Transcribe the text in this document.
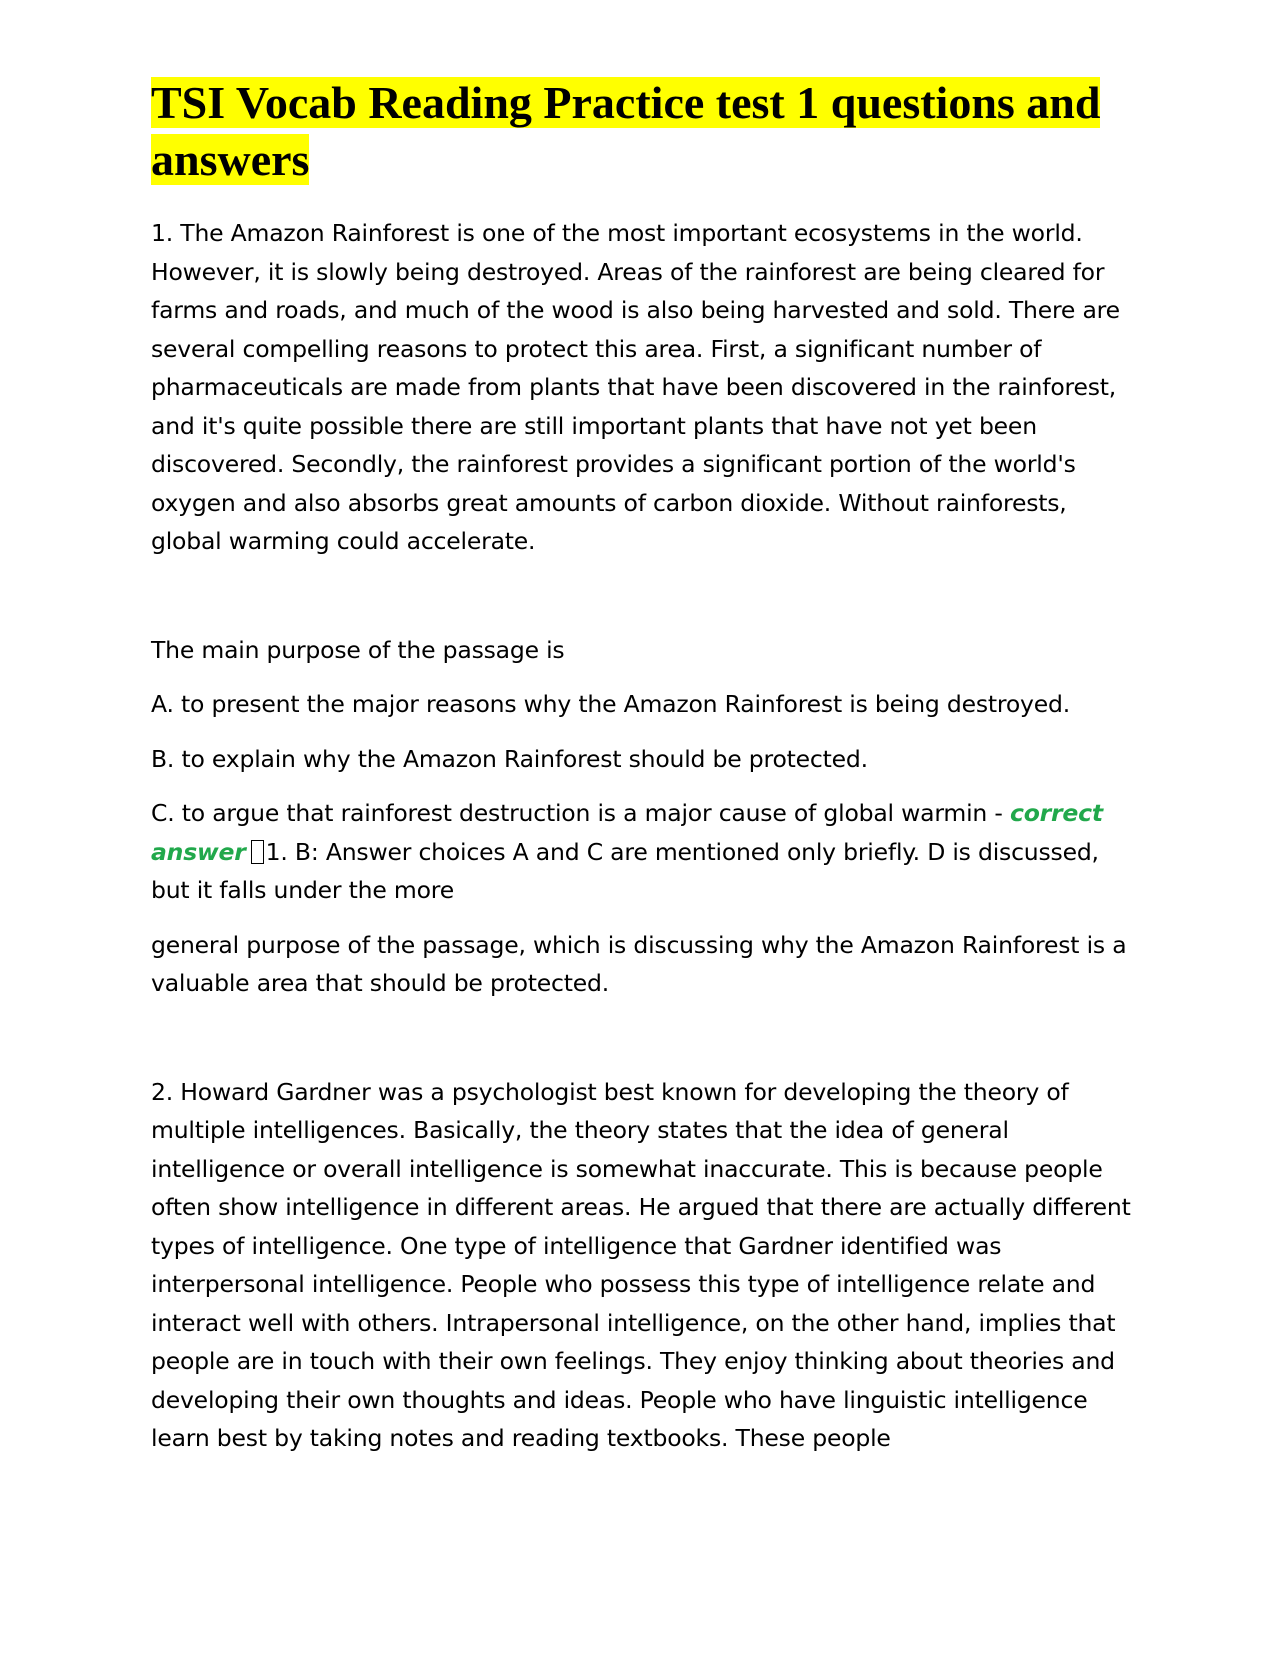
TSI Vocab Reading Practice test 1 questions and answers

1. The Amazon Rainforest is one of the most important ecosystems in the world. However, it is slowly being destroyed. Areas of the rainforest are being cleared for farms and roads, and much of the wood is also being harvested and sold. There are several compelling reasons to protect this area. First, a significant number of pharmaceuticals are made from plants that have been discovered in the rainforest, and it's quite possible there are still important plants that have not yet been discovered. Secondly, the rainforest provides a significant portion of the world's oxygen and also absorbs great amounts of carbon dioxide. Without rainforests, global warming could accelerate.

The main purpose of the passage is

A. to present the major reasons why the Amazon Rainforest is being destroyed.

B. to explain why the Amazon Rainforest should be protected.

C. to argue that rainforest destruction is a major cause of global warmin - correct answer 1. B: Answer choices A and C are mentioned only briefly. D is discussed, but it falls under the more

general purpose of the passage, which is discussing why the Amazon Rainforest is a valuable area that should be protected.

2. Howard Gardner was a psychologist best known for developing the theory of multiple intelligences. Basically, the theory states that the idea of general intelligence or overall intelligence is somewhat inaccurate. This is because people often show intelligence in different areas. He argued that there are actually different types of intelligence. One type of intelligence that Gardner identified was interpersonal intelligence. People who possess this type of intelligence relate and interact well with others. Intrapersonal intelligence, on the other hand, implies that people are in touch with their own feelings. They enjoy thinking about theories and developing their own thoughts and ideas. People who have linguistic intelligence learn best by taking notes and reading textbooks. These people
